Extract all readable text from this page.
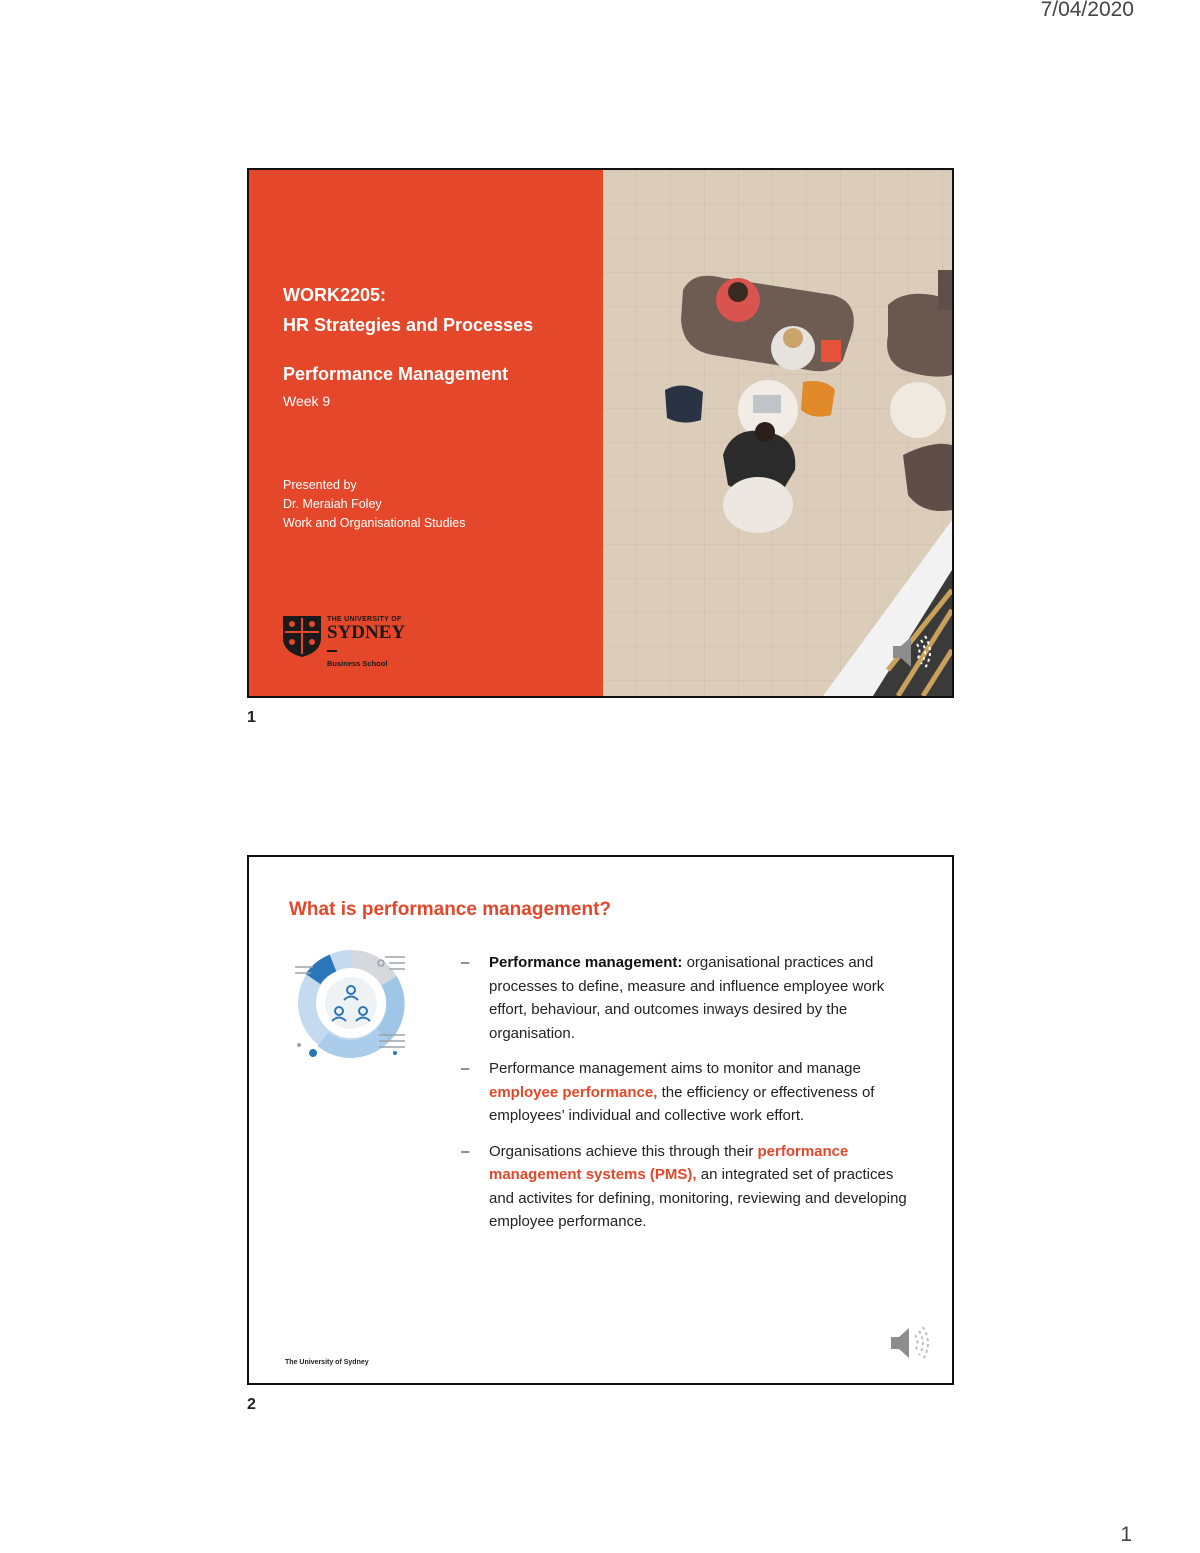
7/04/2020
WORK2205:
HR Strategies and Processes
Performance Management
Week 9
Presented by
Dr. Meraiah Foley
Work and Organisational Studies
THE UNIVERSITY OF
SYDNEY
Business School
1
What is performance management?
– Performance management: organisational practices and processes to define, measure and influence employee work effort, behaviour, and outcomes inways desired by the organisation.
– Performance management aims to monitor and manage employee performance, the efficiency or effectiveness of employees’ individual and collective work effort.
– Organisations achieve this through their performance management systems (PMS), an integrated set of practices and activites for defining, monitoring, reviewing and developing employee performance.
The University of Sydney
2
1
